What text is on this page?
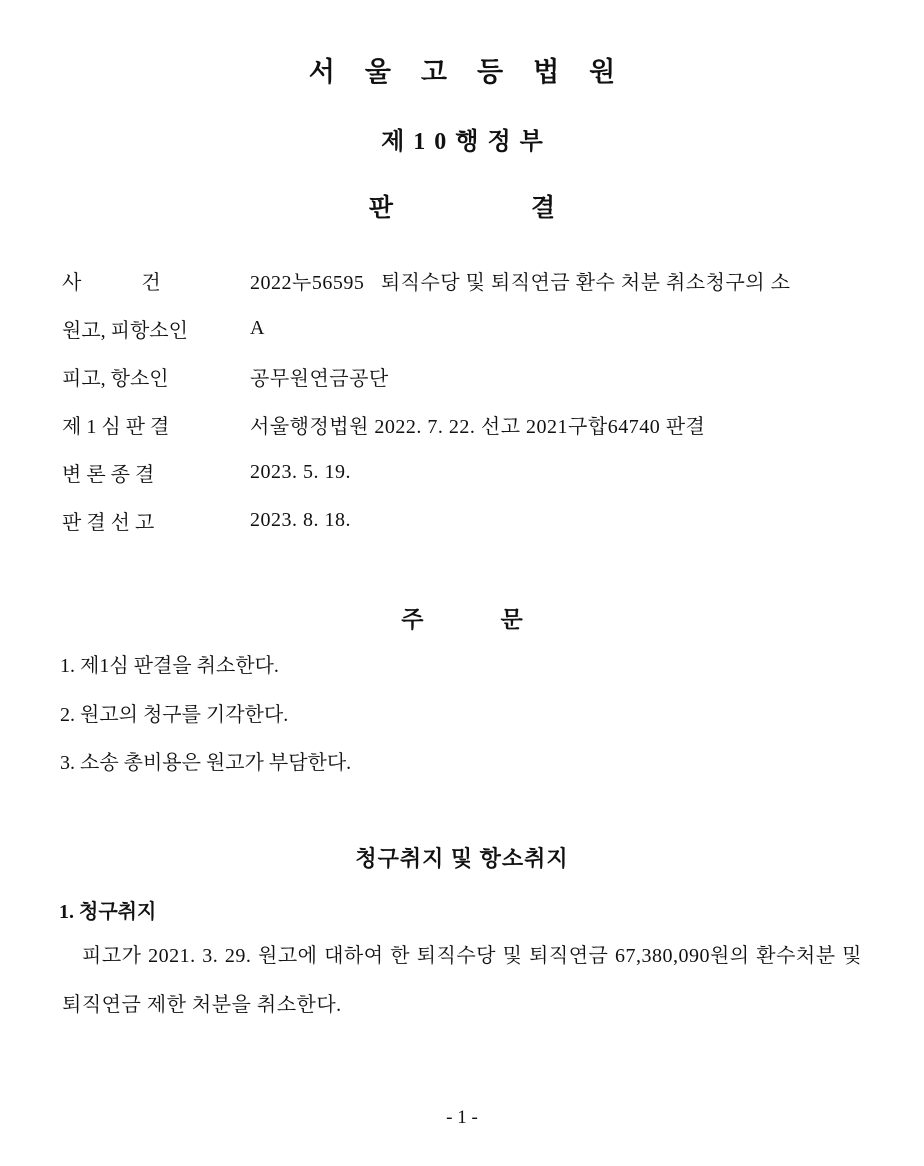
서울고등법원
제10행정부
판결
사            건	2022누56595   퇴직수당 및 퇴직연금 환수 처분 취소청구의 소
원고, 피항소인	A
피고, 항소인	공무원연금공단
제 1 심 판 결	서울행정법원 2022. 7. 22. 선고 2021구합64740 판결
변 론 종 결	2023. 5. 19.
판 결 선 고	2023. 8. 18.
주문
1. 제1심 판결을 취소한다.
2. 원고의 청구를 기각한다.
3. 소송 총비용은 원고가 부담한다.
청구취지 및 항소취지
1. 청구취지
피고가 2021. 3. 29. 원고에 대하여 한 퇴직수당 및 퇴직연금 67,380,090원의 환수처분 및 퇴직연금 제한 처분을 취소한다.
- 1 -
